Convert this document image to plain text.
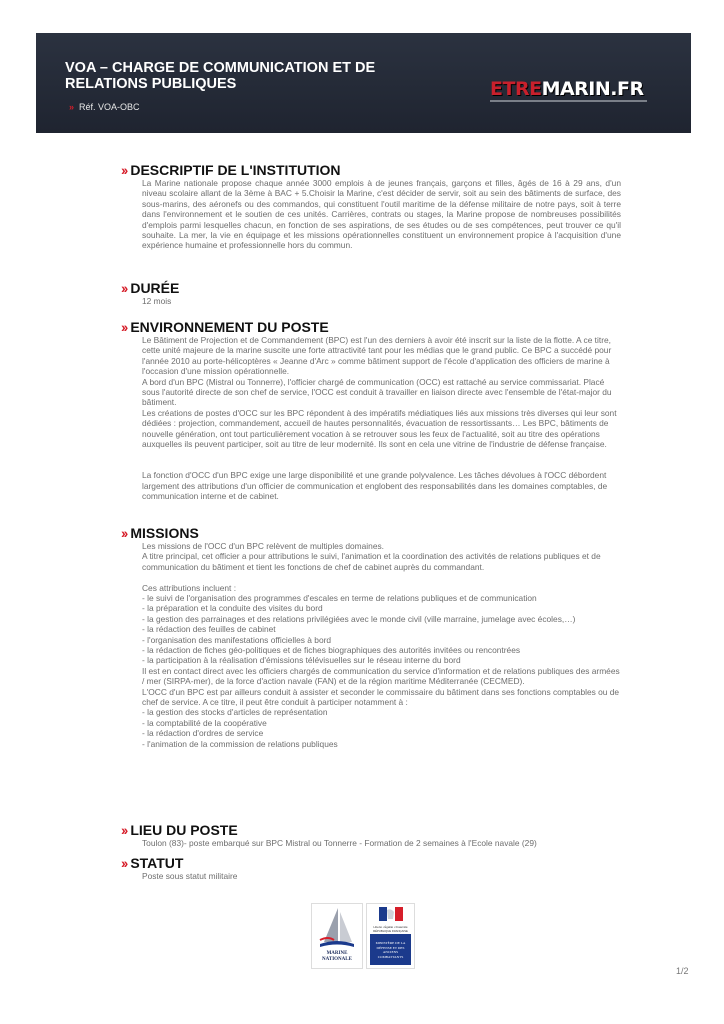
VOA – CHARGE DE COMMUNICATION ET DE RELATIONS PUBLIQUES
» Réf. VOA-OBC
ETREMARIN.FR
›› DESCRIPTIF DE L'INSTITUTION

La Marine nationale propose chaque année 3000 emplois à de jeunes français, garçons et filles, âgés de 16 à 29 ans, d'un niveau scolaire allant de la 3ème à BAC + 5.Choisir la Marine, c'est décider de servir, soit au sein des bâtiments de surface, des sous-marins, des aéronefs ou des commandos, qui constituent l'outil maritime de la défense militaire de notre pays, soit à terre dans l'environnement et le soutien de ces unités. Carrières, contrats ou stages, la Marine propose de nombreuses possibilités d'emplois parmi lesquelles chacun, en fonction de ses aspirations, de ses études ou de ses compétences, peut trouver ce qu'il souhaite. La mer, la vie en équipage et les missions opérationnelles constituent un environnement propice à l'acquisition d'une expérience humaine et professionnelle hors du commun.

›› DURÉE

12 mois

›› ENVIRONNEMENT DU POSTE

Le Bâtiment de Projection et de Commandement (BPC) est l'un des derniers à avoir été inscrit sur la liste de la flotte. A ce titre, cette unité majeure de la marine suscite une forte attractivité tant pour les médias que le grand public. Ce BPC a succédé pour l'année 2010 au porte-hélicoptères « Jeanne d'Arc » comme bâtiment support de l'école d'application des officiers de marine à l'occasion d'une mission opérationnelle.

A bord d'un BPC (Mistral ou Tonnerre), l'officier chargé de communication (OCC) est rattaché au service commissariat. Placé sous l'autorité directe de son chef de service, l'OCC est conduit à travailler en liaison directe avec l'ensemble de l'état-major du bâtiment.

Les créations de postes d'OCC sur les BPC répondent à des impératifs médiatiques liés aux missions très diverses qui leur sont dédiées : projection, commandement, accueil de hautes personnalités, évacuation de ressortissants… Les BPC, bâtiments de nouvelle génération, ont tout particulièrement vocation à se retrouver sous les feux de l'actualité, soit au titre des opérations auxquelles ils peuvent participer, soit au titre de leur modernité. Ils sont en cela une vitrine de l'industrie de défense française.

La fonction d'OCC d'un BPC exige une large disponibilité et une grande polyvalence. Les tâches dévolues à l'OCC débordent largement des attributions d'un officier de communication et englobent des responsabilités dans les domaines comptables, de communication interne et de cabinet.

›› MISSIONS

Les missions de l'OCC d'un BPC relèvent de multiples domaines.

A titre principal, cet officier a pour attributions le suivi, l'animation et la coordination des activités de relations publiques et de communication du bâtiment et tient les fonctions de chef de cabinet auprès du commandant.

Ces attributions incluent :

- le suivi de l'organisation des programmes d'escales en terme de relations publiques et de communication

- la préparation et la conduite des visites du bord

- la gestion des parrainages et des relations privilégiées avec le monde civil (ville marraine, jumelage avec écoles,…)

- la rédaction des feuilles de cabinet

- l'organisation des manifestations officielles à bord

- la rédaction de fiches géo-politiques et de fiches biographiques des autorités invitées ou rencontrées

- la participation à la réalisation d'émissions télévisuelles sur le réseau interne du bord

Il est en contact direct avec les officiers chargés de communication du service d'information et de relations publiques des armées / mer (SIRPA-mer), de la force d'action navale (FAN) et de la région maritime Méditerranée (CECMED).

L'OCC d'un BPC est par ailleurs conduit à assister et seconder le commissaire du bâtiment dans ses fonctions comptables ou de chef de service. A ce titre, il peut être conduit à participer notamment à :

- la gestion des stocks d'articles de représentation

- la comptabilité de la coopérative

- la rédaction d'ordres de service

- l'animation de la commission de relations publiques

›› LIEU DU POSTE

Toulon (83)- poste embarqué sur BPC Mistral ou Tonnerre - Formation de 2 semaines à l'Ecole navale (29)

›› STATUT

Poste sous statut militaire

MARINE NATIONALE
Liberté • Égalité • Fraternité RÉPUBLIQUE FRANÇAISE
MINISTÈRE DE LA DÉFENSE ET DES ANCIENS COMBATTANTS
1/2
